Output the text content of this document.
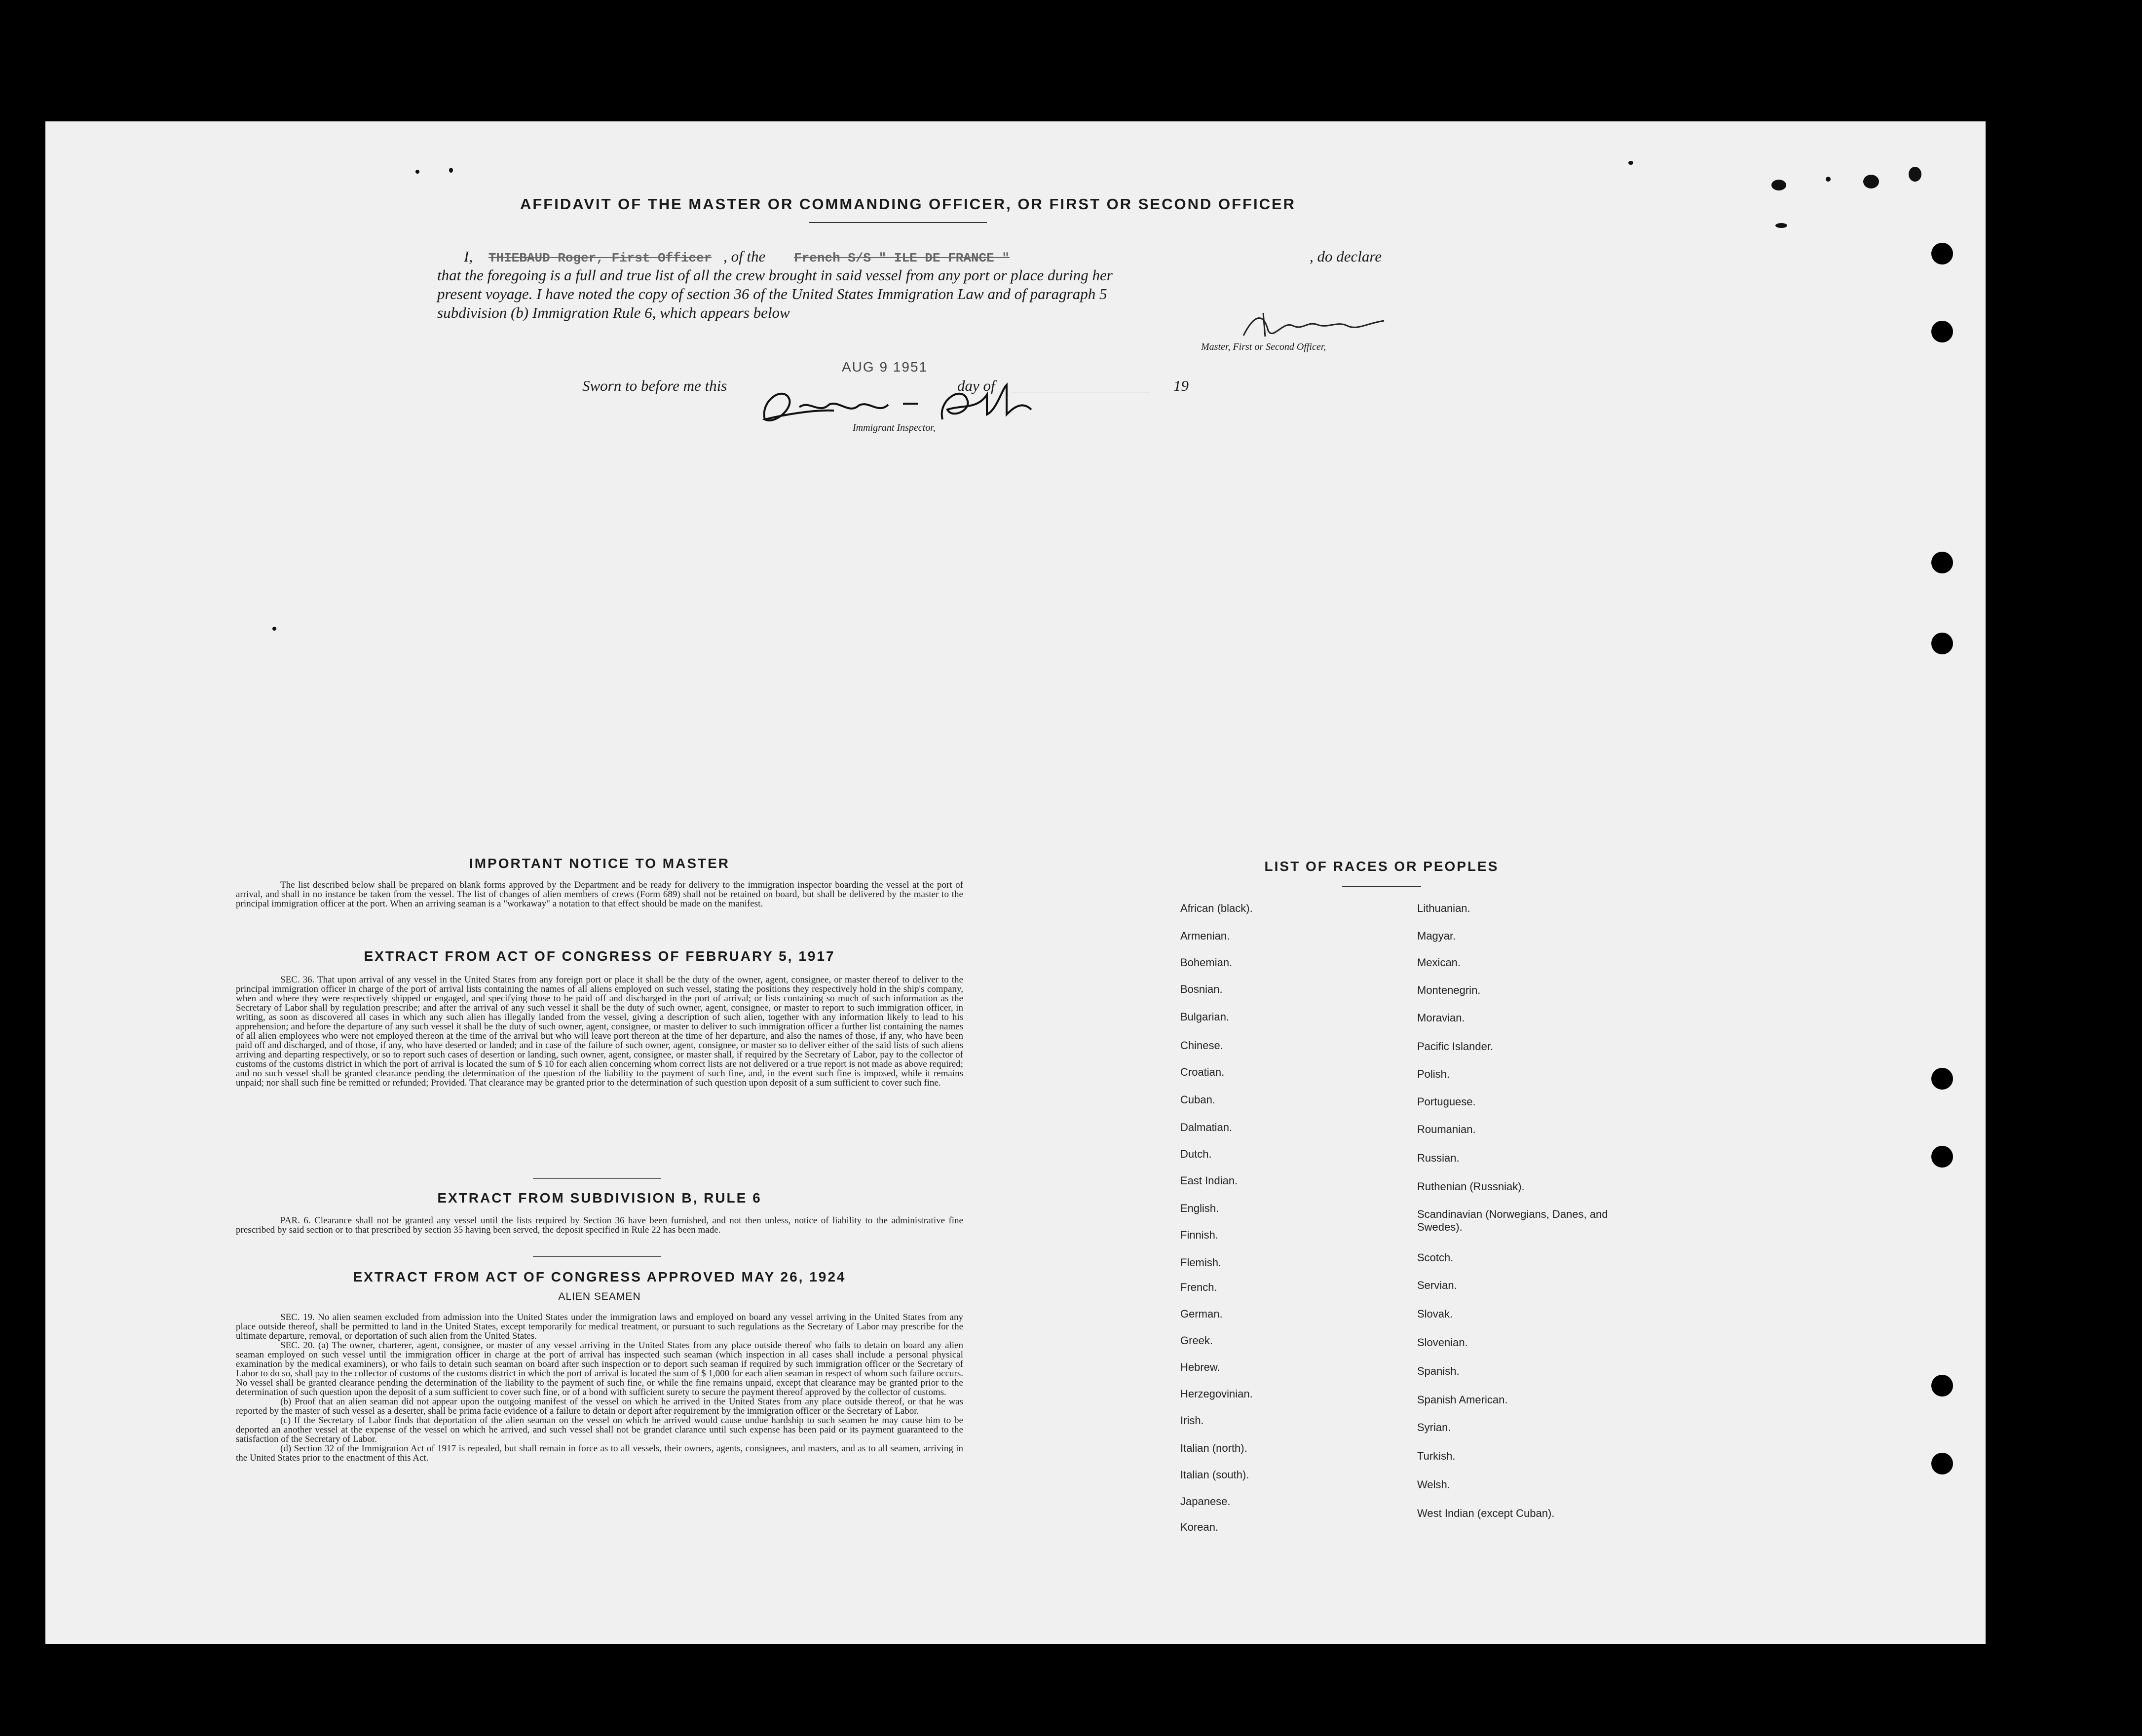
AFFIDAVIT OF THE MASTER OR COMMANDING OFFICER, OR FIRST OR SECOND OFFICER
I, THIEBAUD Roger, First Officer , of the French S/S " ILE DE FRANCE "	, do declare
that the foregoing is a full and true list of all the crew brought in said vessel from any port or place during her
present voyage. I have noted the copy of section 36 of the United States Immigration Law and of paragraph 5
subdivision (b) Immigration Rule 6, which appears below
Master, First or Second Officer,
Sworn to before me this
AUG 9 1951
day of	19
Immigrant Inspector,
IMPORTANT NOTICE TO MASTER

The list described below shall be prepared on blank forms approved by the Department and be ready for delivery to the immigration inspector boarding the vessel at the port of arrival, and shall in no instance be taken from the vessel. The list of changes of alien members of crews (Form 689) shall not be retained on board, but shall be delivered by the master to the principal immigration officer at the port. When an arriving seaman is a "workaway" a notation to that effect should be made on the manifest.

EXTRACT FROM ACT OF CONGRESS OF FEBRUARY 5, 1917

SEC. 36. That upon arrival of any vessel in the United States from any foreign port or place it shall be the duty of the owner, agent, consignee, or master thereof to deliver to the principal immigration officer in charge of the port of arrival lists containing the names of all aliens employed on such vessel, stating the positions they respectively hold in the ship's company, when and where they were respectively shipped or engaged, and specifying those to be paid off and discharged in the port of arrival; or lists containing so much of such information as the Secretary of Labor shall by regulation prescribe; and after the arrival of any such vessel it shall be the duty of such owner, agent, consignee, or master to report to such immigration officer, in writing, as soon as discovered all cases in which any such alien has illegally landed from the vessel, giving a description of such alien, together with any information likely to lead to his apprehension; and before the departure of any such vessel it shall be the duty of such owner, agent, consignee, or master to deliver to such immigration officer a further list containing the names of all alien employees who were not employed thereon at the time of the arrival but who will leave port thereon at the time of her departure, and also the names of those, if any, who have been paid off and discharged, and of those, if any, who have deserted or landed; and in case of the failure of such owner, agent, consignee, or master so to deliver either of the said lists of such aliens arriving and departing respectively, or so to report such cases of desertion or landing, such owner, agent, consignee, or master shall, if required by the Secretary of Labor, pay to the collector of customs of the customs district in which the port of arrival is located the sum of $ 10 for each alien concerning whom correct lists are not delivered or a true report is not made as above required; and no such vessel shall be granted clearance pending the determination of the question of the liability to the payment of such fine, and, in the event such fine is imposed, while it remains unpaid; nor shall such fine be remitted or refunded; Provided. That clearance may be granted prior to the determination of such question upon deposit of a sum sufficient to cover such fine.

EXTRACT FROM SUBDIVISION B, RULE 6

PAR. 6. Clearance shall not be granted any vessel until the lists required by Section 36 have been furnished, and not then unless, notice of liability to the administrative fine prescribed by said section or to that prescribed by section 35 having been served, the deposit specified in Rule 22 has been made.

EXTRACT FROM ACT OF CONGRESS APPROVED MAY 26, 1924
ALIEN SEAMEN

SEC. 19. No alien seamen excluded from admission into the United States under the immigration laws and employed on board any vessel arriving in the United States from any place outside thereof, shall be permitted to land in the United States, except temporarily for medical treatment, or pursuant to such regulations as the Secretary of Labor may prescribe for the ultimate departure, removal, or deportation of such alien from the United States.

SEC. 20. (a) The owner, charterer, agent, consignee, or master of any vessel arriving in the United States from any place outside thereof who fails to detain on board any alien seaman employed on such vessel until the immigration officer in charge at the port of arrival has inspected such seaman (which inspection in all cases shall include a personal physical examination by the medical examiners), or who fails to detain such seaman on board after such inspection or to deport such seaman if required by such immigration officer or the Secretary of Labor to do so, shall pay to the collector of customs of the customs district in which the port of arrival is located the sum of $ 1,000 for each alien seaman in respect of whom such failure occurs. No vessel shall be granted clearance pending the determination of the liability to the payment of such fine, or while the fine remains unpaid, except that clearance may be granted prior to the determination of such question upon the deposit of a sum sufficient to cover such fine, or of a bond with sufficient surety to secure the payment thereof approved by the collector of customs.

(b) Proof that an alien seaman did not appear upon the outgoing manifest of the vessel on which he arrived in the United States from any place outside thereof, or that he was reported by the master of such vessel as a deserter, shall be prima facie evidence of a failure to detain or deport after requirement by the immigration officer or the Secretary of Labor.

(c) If the Secretary of Labor finds that deportation of the alien seaman on the vessel on which he arrived would cause undue hardship to such seamen he may cause him to be deported an another vessel at the expense of the vessel on which he arrived, and such vessel shall not be grandet clarance until such expense has been paid or its payment guaranteed to the satisfaction of the Secretary of Labor.

(d) Section 32 of the Immigration Act of 1917 is repealed, but shall remain in force as to all vessels, their owners, agents, consignees, and masters, and as to all seamen, arriving in the United States prior to the enactment of this Act.

LIST OF RACES OR PEOPLES
African (black).
Armenian.
Bohemian.
Bosnian.
Bulgarian.
Chinese.
Croatian.
Cuban.
Dalmatian.
Dutch.
East Indian.
English.
Finnish.
Flemish.
French.
German.
Greek.
Hebrew.
Herzegovinian.
Irish.
Italian (north).
Italian (south).
Japanese.
Korean.
Lithuanian.
Magyar.
Mexican.
Montenegrin.
Moravian.
Pacific Islander.
Polish.
Portuguese.
Roumanian.
Russian.
Ruthenian (Russniak).
Scandinavian (Norwegians, Danes, and Swedes).
Scotch.
Servian.
Slovak.
Slovenian.
Spanish.
Spanish American.
Syrian.
Turkish.
Welsh.
West Indian (except Cuban).
